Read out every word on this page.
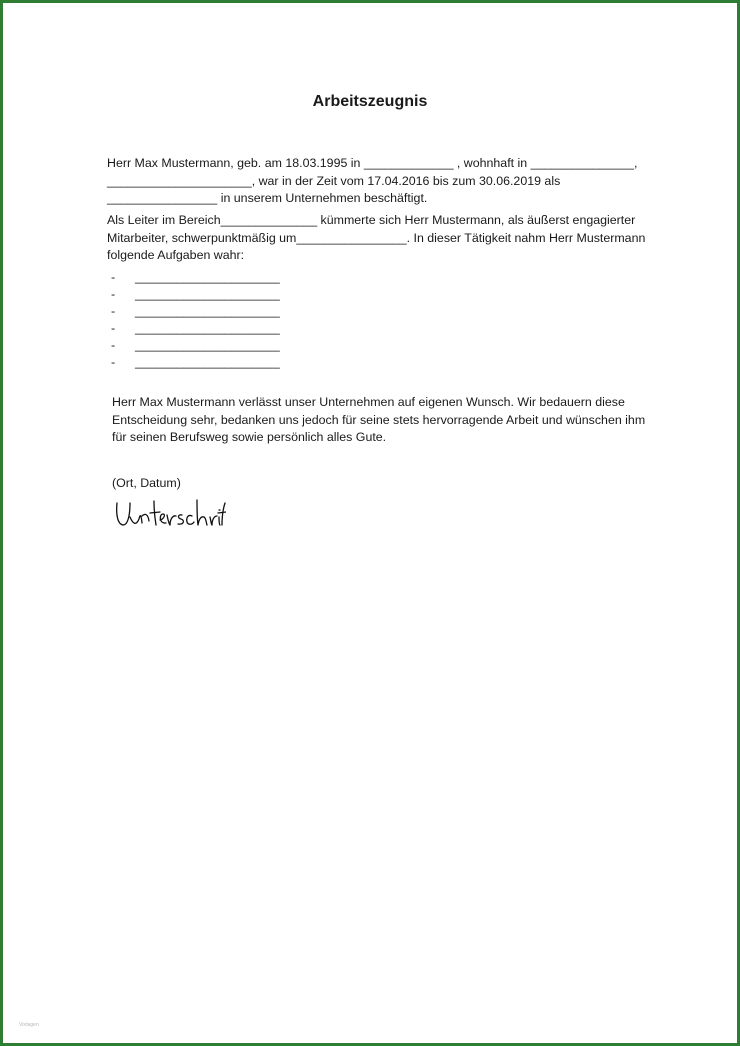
Arbeitszeugnis
Herr Max Mustermann, geb. am 18.03.1995 in _____________ , wohnhaft in _______________,
_____________________, war in der Zeit vom 17.04.2016 bis zum 30.06.2019 als
________________ in unserem Unternehmen beschäftigt.
Als Leiter im Bereich______________ kümmerte sich Herr Mustermann, als äußerst engagierter
Mitarbeiter, schwerpunktmäßig um________________. In dieser Tätigkeit nahm Herr Mustermann
folgende Aufgaben wahr:
-	_____________________
-	_____________________
-	_____________________
-	_____________________
-	_____________________
-	_____________________
Herr Max Mustermann verlässt unser Unternehmen auf eigenen Wunsch. Wir bedauern diese
Entscheidung sehr, bedanken uns jedoch für seine stets hervorragende Arbeit und wünschen ihm
für seinen Berufsweg sowie persönlich alles Gute.
(Ort, Datum)
Vorlagen
